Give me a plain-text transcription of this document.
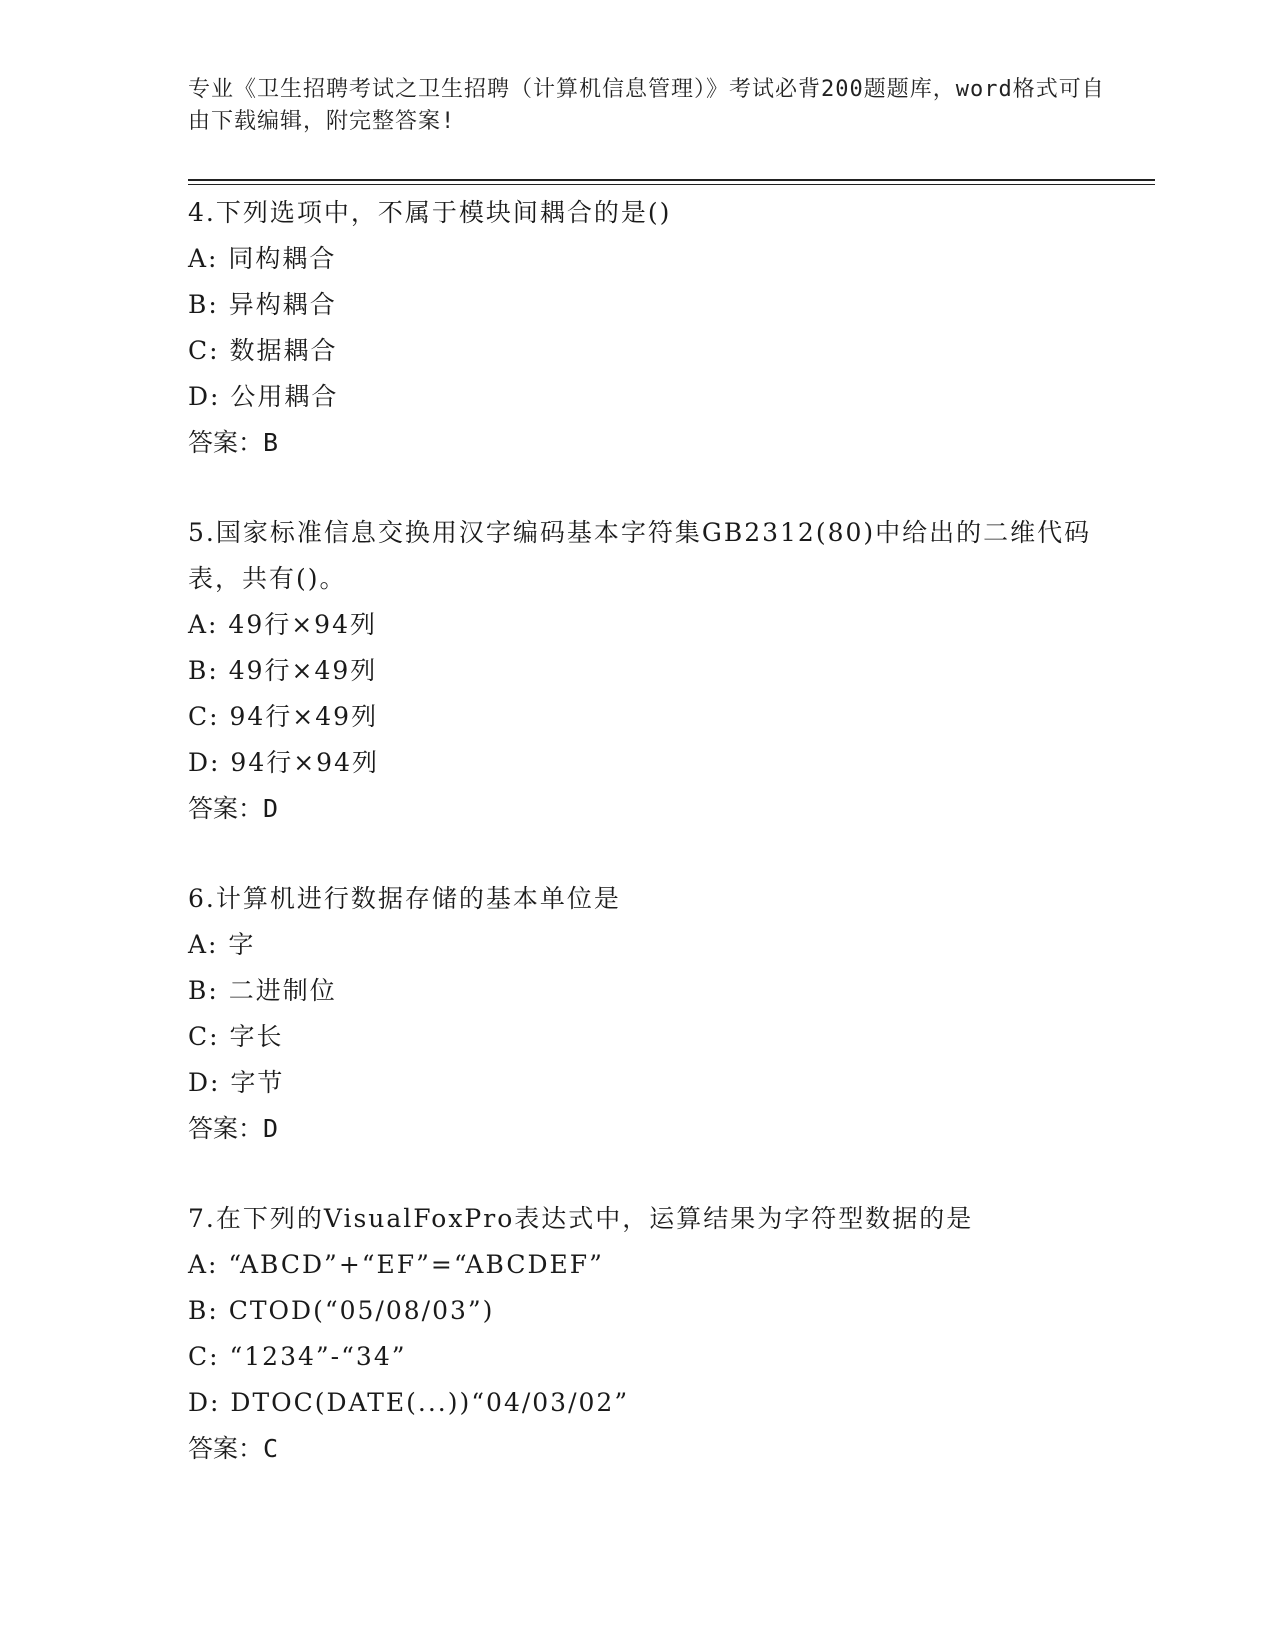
专业《卫生招聘考试之卫生招聘（计算机信息管理）》考试必背200题题库，word格式可自由下载编辑，附完整答案!

4.下列选项中，不属于模块间耦合的是()

A: 同构耦合

B: 异构耦合

C: 数据耦合

D: 公用耦合

答案：B

5.国家标准信息交换用汉字编码基本字符集GB2312(80)中给出的二维代码表，共有()。

A: 49行×94列

B: 49行×49列

C: 94行×49列

D: 94行×94列

答案：D

6.计算机进行数据存储的基本单位是

A: 字

B: 二进制位

C: 字长

D: 字节

答案：D

7.在下列的VisualFoxPro表达式中，运算结果为字符型数据的是

A: “ABCD”+“EF”=“ABCDEF”

B: CTOD(“05/08/03”)

C: “1234”-“34”

D: DTOC(DATE(...))“04/03/02”

答案：C
